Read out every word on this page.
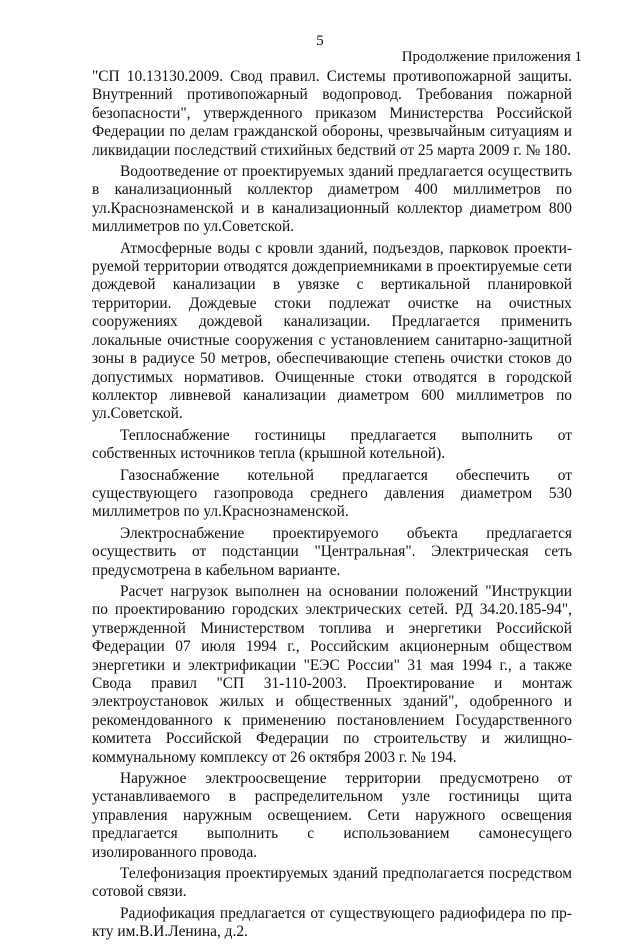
5
Продолжение приложения 1

"СП 10.13130.2009. Свод правил. Системы противопожарной защиты. Внутренний противопожарный водопровод. Требования пожарной безопасности", утвержденного приказом Министерства Российской Федерации по делам гражданской обороны, чрезвычайным ситуациям и ликвидации последствий стихийных бедствий от 25 марта 2009 г. № 180.

Водоотведение от проектируемых зданий предлагается осуществить в канализационный коллектор диаметром 400 миллиметров по ул.Краснознаменской и в канализационный коллектор диаметром 800 миллиметров по ул.Советской.

Атмосферные воды с кровли зданий, подъездов, парковок проектируемой территории отводятся дождеприемниками в проектируемые сети дождевой канализации в увязке с вертикальной планировкой территории. Дождевые стоки подлежат очистке на очистных сооружениях дождевой канализации. Предлагается применить локальные очистные сооружения с установлением санитарно-защитной зоны в радиусе 50 метров, обеспечивающие степень очистки стоков до допустимых нормативов. Очищенные стоки отводятся в городской коллектор ливневой канализации диаметром 600 миллиметров по ул.Советской.

Теплоснабжение гостиницы предлагается выполнить от собственных источников тепла (крышной котельной).

Газоснабжение котельной предлагается обеспечить от существующего газопровода среднего давления диаметром 530 миллиметров по ул.Краснознаменской.

Электроснабжение проектируемого объекта предлагается осуществить от подстанции "Центральная". Электрическая сеть предусмотрена в кабельном варианте.

Расчет нагрузок выполнен на основании положений "Инструкции по проектированию городских электрических сетей. РД 34.20.185-94", утвержденной Министерством топлива и энергетики Российской Федерации 07 июля 1994 г., Российским акционерным обществом энергетики и электрификации "ЕЭС России" 31 мая 1994 г., а также Свода правил "СП 31-110-2003. Проектирование и монтаж электроустановок жилых и общественных зданий", одобренного и рекомендованного к применению постановлением Государственного комитета Российской Федерации по строительству и жилищно-коммунальному комплексу от 26 октября 2003 г. № 194.

Наружное электроосвещение территории предусмотрено от устанавливаемого в распределительном узле гостиницы щита управления наружным освещением. Сети наружного освещения предлагается выполнить с использованием самонесущего изолированного провода.

Телефонизация проектируемых зданий предполагается посредством сотовой связи.

Радиофикация предлагается от существующего радиофидера по пр-кту им.В.И.Ленина, д.2.
